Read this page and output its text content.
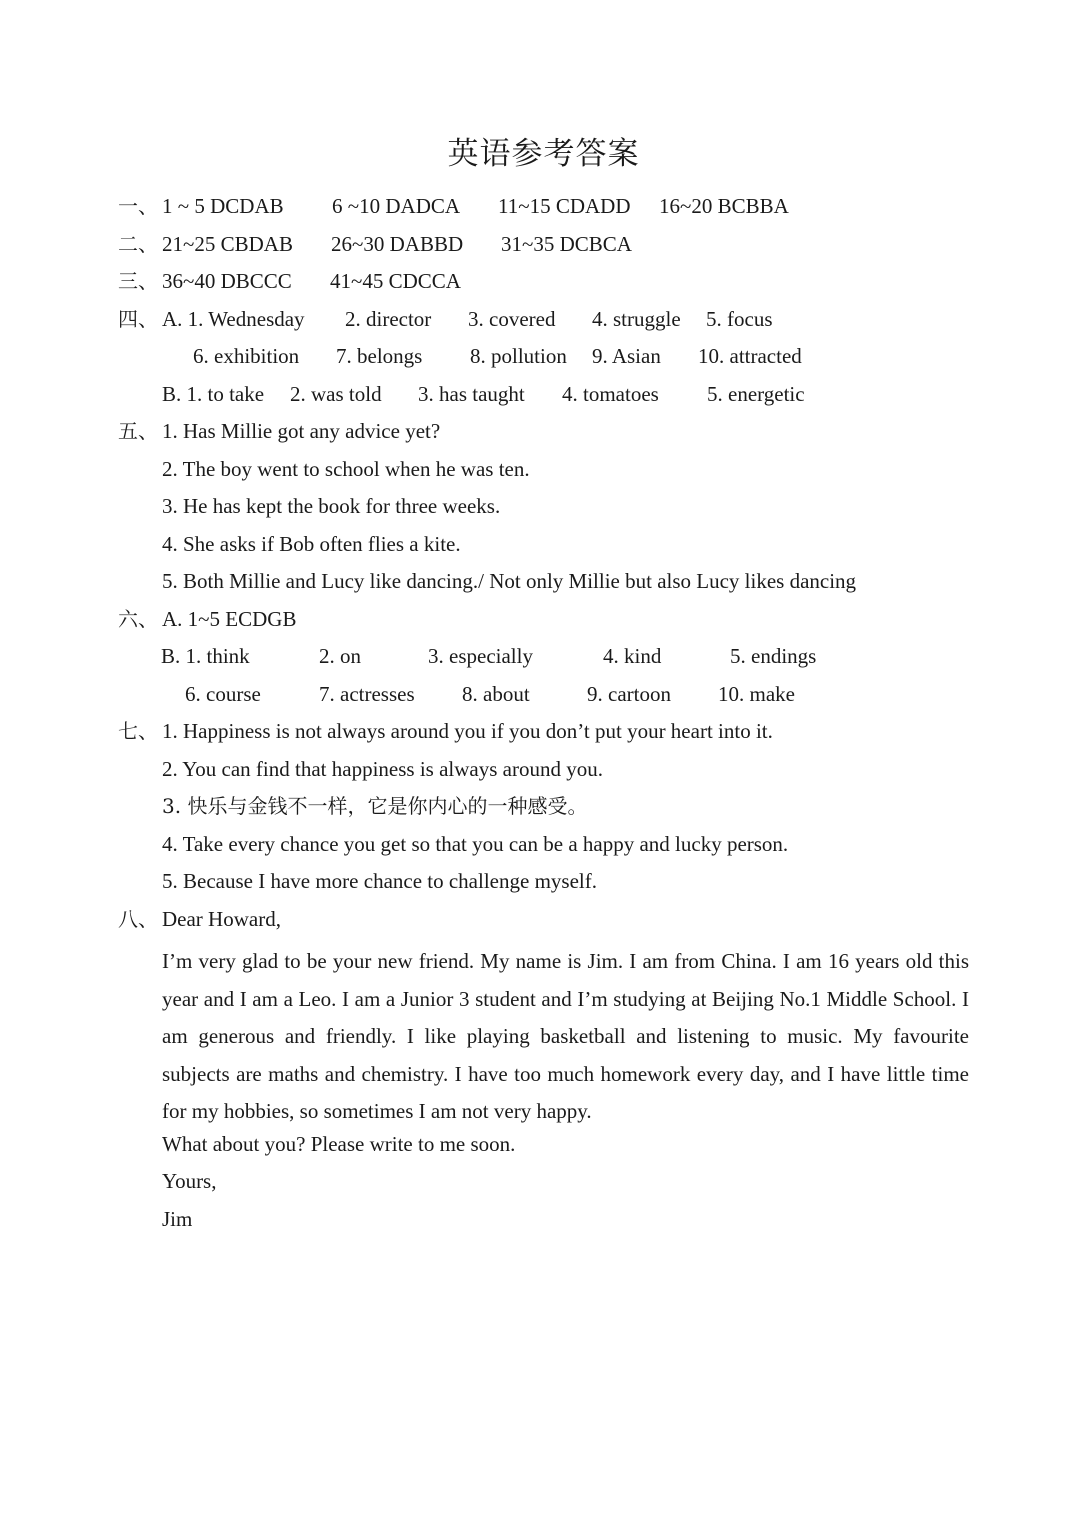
英语参考答案
一、 1 ~ 5 DCDAB 6 ~10 DADCA 11~15 CDADD 16~20 BCBBA
二、 21~25 CBDAB 26~30 DABBD 31~35 DCBCA
三、 36~40 DBCCC 41~45 CDCCA
四、 A. 1. Wednesday 2. director 3. covered 4. struggle 5. focus
6. exhibition 7. belongs 8. pollution 9. Asian 10. attracted
B. 1. to take 2. was told 3. has taught 4. tomatoes 5. energetic
五、 1. Has Millie got any advice yet?
2. The boy went to school when he was ten.
3. He has kept the book for three weeks.
4. She asks if Bob often flies a kite.
5. Both Millie and Lucy like dancing./ Not only Millie but also Lucy likes dancing
六、 A. 1~5 ECDGB
B. 1. think	2. on	3. especially	4. kind	5. endings
6. course	7. actresses 8. about	9. cartoon 10. make
七、 1. Happiness is not always around you if you don’t put your heart into it.
2. You can find that happiness is always around you.
3. 快乐与金钱不一样，它是你内心的一种感受。
4. Take every chance you get so that you can be a happy and lucky person.
5. Because I have more chance to challenge myself.
八、 Dear Howard,
I’m very glad to be your new friend. My name is Jim. I am from China. I am 16 years old this year and I am a Leo. I am a Junior 3 student and I’m studying at Beijing No.1 Middle School. I am generous and friendly. I like playing basketball and listening to music. My favourite subjects are maths and chemistry. I have too much homework every day, and I have little time for my hobbies, so sometimes I am not very happy.
What about you? Please write to me soon.
Yours,
Jim
